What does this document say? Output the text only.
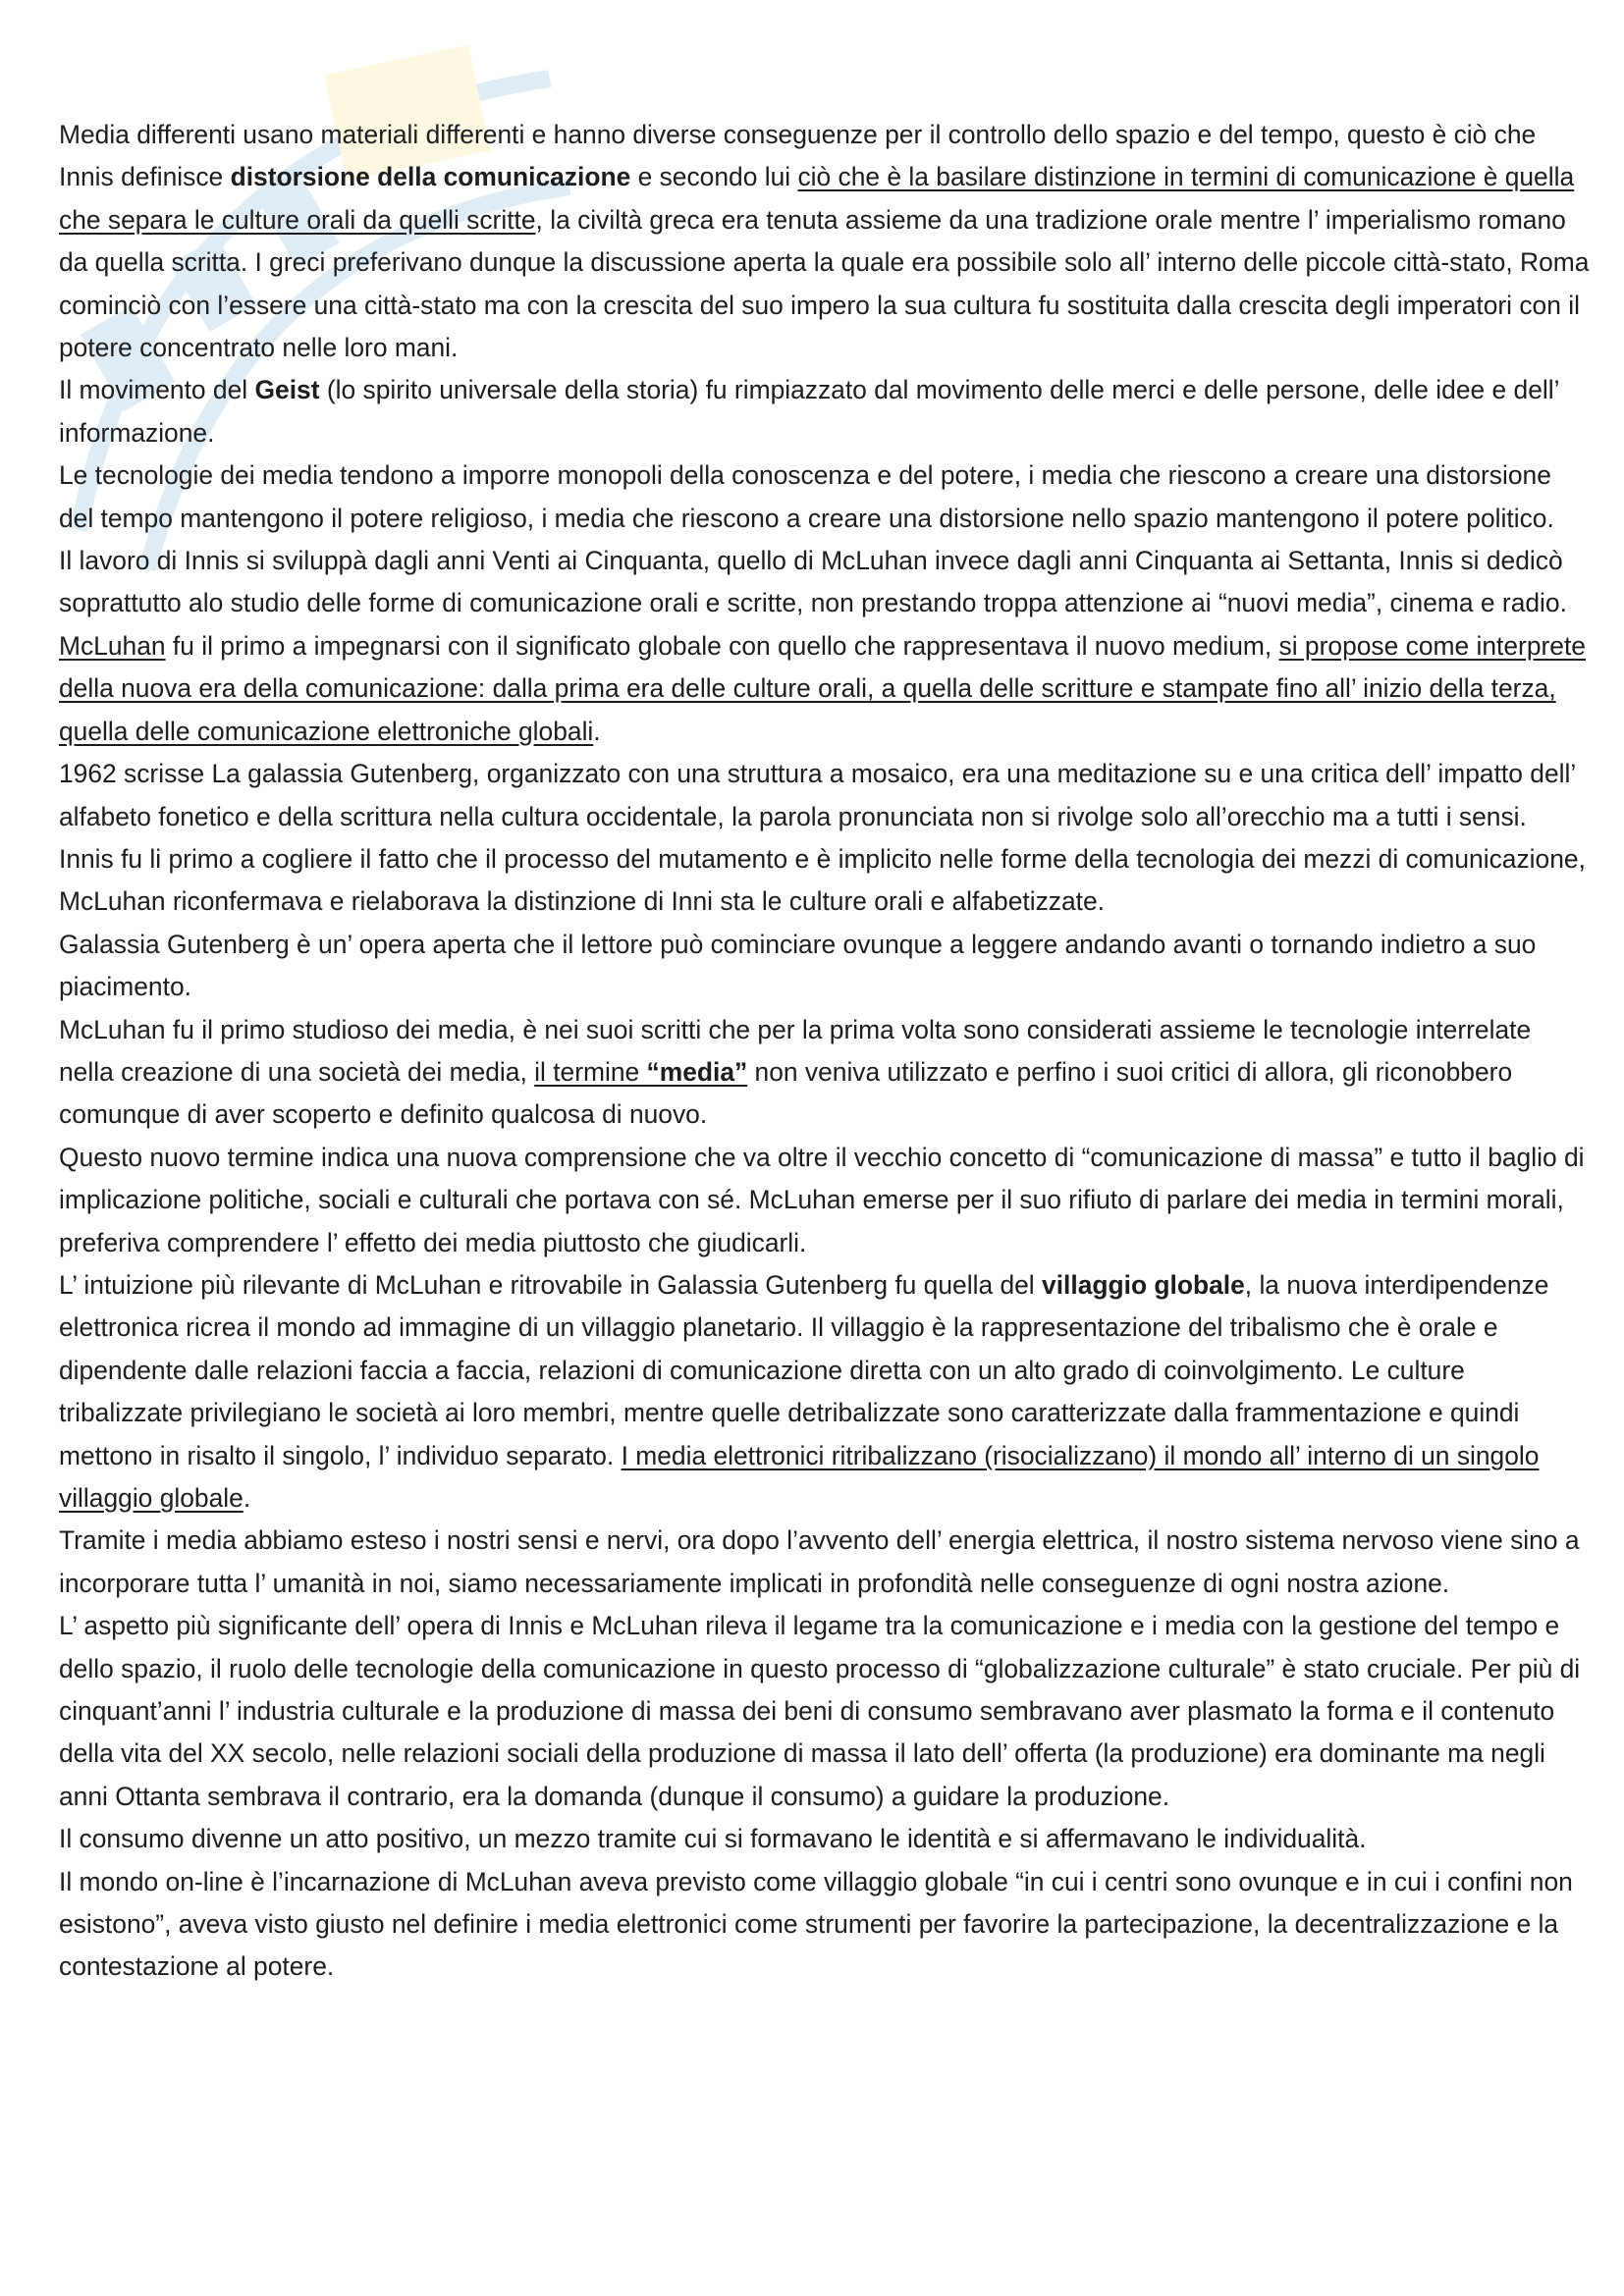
Media differenti usano materiali differenti e hanno diverse conseguenze per il controllo dello spazio e del tempo, questo è ciò che Innis definisce distorsione della comunicazione e secondo lui ciò che è la basilare distinzione in termini di comunicazione è quella che separa le culture orali da quelli scritte, la civiltà greca era tenuta assieme da una tradizione orale mentre l’ imperialismo romano da quella scritta. I greci preferivano dunque la discussione aperta la quale era possibile solo all’ interno delle piccole città-stato, Roma cominciò con l’essere una città-stato ma con la crescita del suo impero la sua cultura fu sostituita dalla crescita degli imperatori con il potere concentrato nelle loro mani.

Il movimento del Geist (lo spirito universale della storia) fu rimpiazzato dal movimento delle merci e delle persone, delle idee e dell’ informazione.

Le tecnologie dei media tendono a imporre monopoli della conoscenza e del potere, i media che riescono a creare una distorsione del tempo mantengono il potere religioso, i media che riescono a creare una distorsione nello spazio mantengono il potere politico.

Il lavoro di Innis si sviluppà dagli anni Venti ai Cinquanta, quello di McLuhan invece dagli anni Cinquanta ai Settanta, Innis si dedicò soprattutto alo studio delle forme di comunicazione orali e scritte, non prestando troppa attenzione ai “nuovi media”, cinema e radio.

McLuhan fu il primo a impegnarsi con il significato globale con quello che rappresentava il nuovo medium, si propose come interprete della nuova era della comunicazione: dalla prima era delle culture orali, a quella delle scritture e stampate fino all’ inizio della terza, quella delle comunicazione elettroniche globali.

1962 scrisse La galassia Gutenberg, organizzato con una struttura a mosaico, era una meditazione su e una critica dell’ impatto dell’ alfabeto fonetico e della scrittura nella cultura occidentale, la parola pronunciata non si rivolge solo all’orecchio ma a tutti i sensi.

Innis fu li primo a cogliere il fatto che il processo del mutamento e è implicito nelle forme della tecnologia dei mezzi di comunicazione, McLuhan riconfermava e rielaborava la distinzione di Inni sta le culture orali e alfabetizzate.

Galassia Gutenberg è un’ opera aperta che il lettore può cominciare ovunque a leggere andando avanti o tornando indietro a suo piacimento.

McLuhan fu il primo studioso dei media, è nei suoi scritti che per la prima volta sono considerati assieme le tecnologie interrelate nella creazione di una società dei media, il termine “media” non veniva utilizzato e perfino i suoi critici di allora, gli riconobbero comunque di aver scoperto e definito qualcosa di nuovo.

Questo nuovo termine indica una nuova comprensione che va oltre il vecchio concetto di “comunicazione di massa” e tutto il baglio di implicazione politiche, sociali e culturali che portava con sé. McLuhan emerse per il suo rifiuto di parlare dei media in termini morali, preferiva comprendere l’ effetto dei media piuttosto che giudicarli.

L’ intuizione più rilevante di McLuhan e ritrovabile in Galassia Gutenberg fu quella del villaggio globale, la nuova interdipendenze elettronica ricrea il mondo ad immagine di un villaggio planetario. Il villaggio è la rappresentazione del tribalismo che è orale e dipendente dalle relazioni faccia a faccia, relazioni di comunicazione diretta con un alto grado di coinvolgimento. Le culture tribalizzate privilegiano le società ai loro membri, mentre quelle detribalizzate sono caratterizzate dalla frammentazione e quindi mettono in risalto il singolo, l’ individuo separato. I media elettronici ritribalizzano (risocializzano) il mondo all’ interno di un singolo villaggio globale.

Tramite i media abbiamo esteso i nostri sensi e nervi, ora dopo l’avvento dell’ energia elettrica, il nostro sistema nervoso viene sino a incorporare tutta l’ umanità in noi, siamo necessariamente implicati in profondità nelle conseguenze di ogni nostra azione.

L’ aspetto più significante dell’ opera di Innis e McLuhan rileva il legame tra la comunicazione e i media con la gestione del tempo e dello spazio, il ruolo delle tecnologie della comunicazione in questo processo di “globalizzazione culturale” è stato cruciale. Per più di cinquant’anni l’ industria culturale e la produzione di massa dei beni di consumo sembravano aver plasmato la forma e il contenuto della vita del XX secolo, nelle relazioni sociali della produzione di massa il lato dell’ offerta (la produzione) era dominante ma negli anni Ottanta sembrava il contrario, era la domanda (dunque il consumo) a guidare la produzione.

Il consumo divenne un atto positivo, un mezzo tramite cui si formavano le identità e si affermavano le individualità.

Il mondo on-line è l’incarnazione di McLuhan aveva previsto come villaggio globale “in cui i centri sono ovunque e in cui i confini non esistono”, aveva visto giusto nel definire i media elettronici come strumenti per favorire la partecipazione, la decentralizzazione e la contestazione al potere.
